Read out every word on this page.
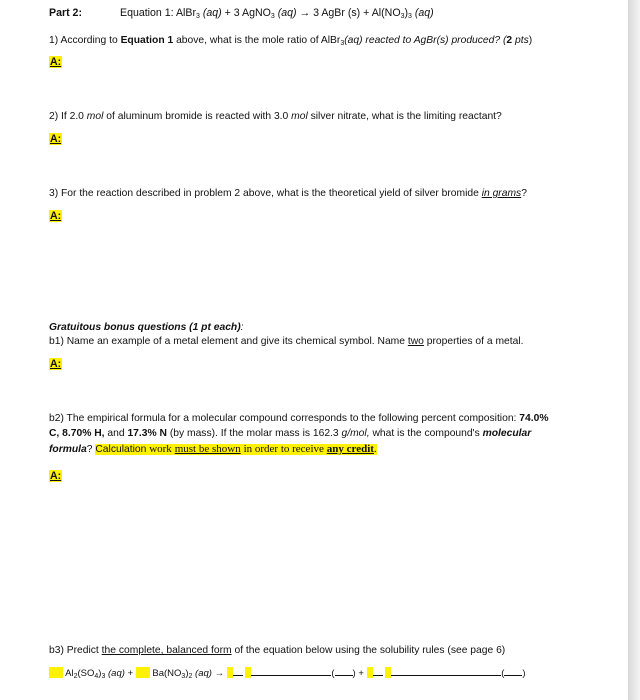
Part 2:	Equation 1: AlBr$_3$ (aq) + 3 AgNO$_3$ (aq) → 3 AgBr $(s) + Al(NO_3)_3$ (aq)
1) According to Equation 1 above, what is the mole ratio of AlBr$_3$(aq) reacted to AgBr(s) produced? (2 pts)
A:
2) If 2.0 mol of aluminum bromide is reacted with 3.0 mol silver nitrate, what is the limiting reactant?
A:
3) For the reaction described in problem 2 above, what is the theoretical yield of silver bromide in grams?
A:
Gratuitous bonus questions (1 pt each):
b1) Name an example of a metal element and give its chemical symbol. Name two properties of a metal.
A:
b2) The empirical formula for a molecular compound corresponds to the following percent composition: 74.0%
C, 8.70% H, and 17.3% N (by mass). If the molar mass is 162.3 g/mol, what is the compound's molecular
formula? Calculation work must be shown in order to receive any credit.
A:
b3) Predict the complete, balanced form of the equation below using the solubility rules (see page 6)
$Al_2(SO_4)_3$ $(aq) + Ba(NO_3)_2$ (aq) →	( ) +	( )
